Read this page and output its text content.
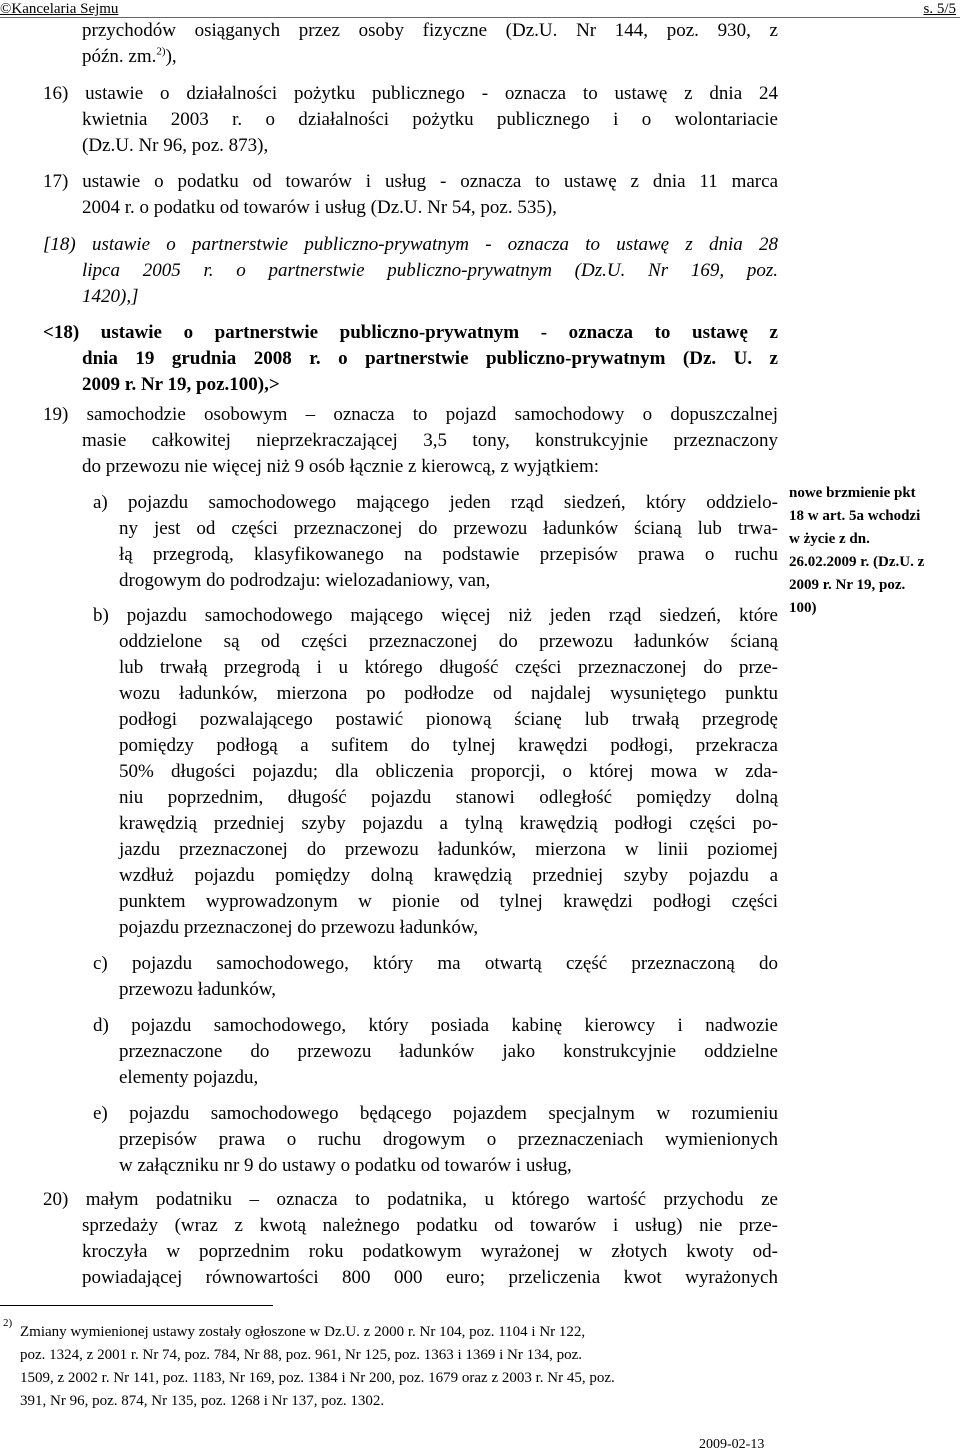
©Kancelaria Sejmu	s. 5/5
przychodów osiąganych przez osoby fizyczne (Dz.U. Nr 144, poz. 930, z
późn. zm.$^{2)}$),
16) ustawie o działalności pożytku publicznego - oznacza to ustawę z dnia 24
kwietnia 2003 r. o działalności pożytku publicznego i o wolontariacie
(Dz.U. Nr 96, poz. 873),
17) ustawie o podatku od towarów i usług - oznacza to ustawę z dnia 11 marca
2004 r. o podatku od towarów i usług (Dz.U. Nr 54, poz. 535),
[18) ustawie o partnerstwie publiczno-prywatnym - oznacza to ustawę z dnia 28
lipca 2005 r. o partnerstwie publiczno-prywatnym (Dz.U. Nr 169, poz.
1420),]
<18) ustawie o partnerstwie publiczno-prywatnym - oznacza to ustawę z
dnia 19 grudnia 2008 r. o partnerstwie publiczno-prywatnym (Dz. U. z
2009 r. Nr 19, poz.100),>
19) samochodzie osobowym – oznacza to pojazd samochodowy o dopuszczalnej
masie całkowitej nieprzekraczającej 3,5 tony, konstrukcyjnie przeznaczony
do przewozu nie więcej niż 9 osób łącznie z kierowcą, z wyjątkiem:
a) pojazdu samochodowego mającego jeden rząd siedzeń, który oddzielo-
ny jest od części przeznaczonej do przewozu ładunków ścianą lub trwa-
łą przegrodą, klasyfikowanego na podstawie przepisów prawa o ruchu
drogowym do podrodzaju: wielozadaniowy, van,
b) pojazdu samochodowego mającego więcej niż jeden rząd siedzeń, które
oddzielone są od części przeznaczonej do przewozu ładunków ścianą
lub trwałą przegrodą i u którego długość części przeznaczonej do prze-
wozu ładunków, mierzona po podłodze od najdalej wysuniętego punktu
podłogi pozwalającego postawić pionową ścianę lub trwałą przegrodę
pomiędzy podłogą a sufitem do tylnej krawędzi podłogi, przekracza
50% długości pojazdu; dla obliczenia proporcji, o której mowa w zda-
niu poprzednim, długość pojazdu stanowi odległość pomiędzy dolną
krawędzią przedniej szyby pojazdu a tylną krawędzią podłogi części po-
jazdu przeznaczonej do przewozu ładunków, mierzona w linii poziomej
wzdłuż pojazdu pomiędzy dolną krawędzią przedniej szyby pojazdu a
punktem wyprowadzonym w pionie od tylnej krawędzi podłogi części
pojazdu przeznaczonej do przewozu ładunków,
c) pojazdu samochodowego, który ma otwartą część przeznaczoną do
przewozu ładunków,
d) pojazdu samochodowego, który posiada kabinę kierowcy i nadwozie
przeznaczone do przewozu ładunków jako konstrukcyjnie oddzielne
elementy pojazdu,
e) pojazdu samochodowego będącego pojazdem specjalnym w rozumieniu
przepisów prawa o ruchu drogowym o przeznaczeniach wymienionych
w załączniku nr 9 do ustawy o podatku od towarów i usług,
20) małym podatniku – oznacza to podatnika, u którego wartość przychodu ze
sprzedaży (wraz z kwotą należnego podatku od towarów i usług) nie prze-
kroczyła w poprzednim roku podatkowym wyrażonej w złotych kwoty od-
powiadającej równowartości 800 000 euro; przeliczenia kwot wyrażonych
nowe brzmienie pkt
18 w art. 5a wchodzi
w życie z dn.
26.02.2009 r. (Dz.U. z
2009 r. Nr 19, poz.
100)
2)
Zmiany wymienionej ustawy zostały ogłoszone w Dz.U. z 2000 r. Nr 104, poz. 1104 i Nr 122,
poz. 1324, z 2001 r. Nr 74, poz. 784, Nr 88, poz. 961, Nr 125, poz. 1363 i 1369 i Nr 134, poz.
1509, z 2002 r. Nr 141, poz. 1183, Nr 169, poz. 1384 i Nr 200, poz. 1679 oraz z 2003 r. Nr 45, poz.
391, Nr 96, poz. 874, Nr 135, poz. 1268 i Nr 137, poz. 1302.
2009-02-13
